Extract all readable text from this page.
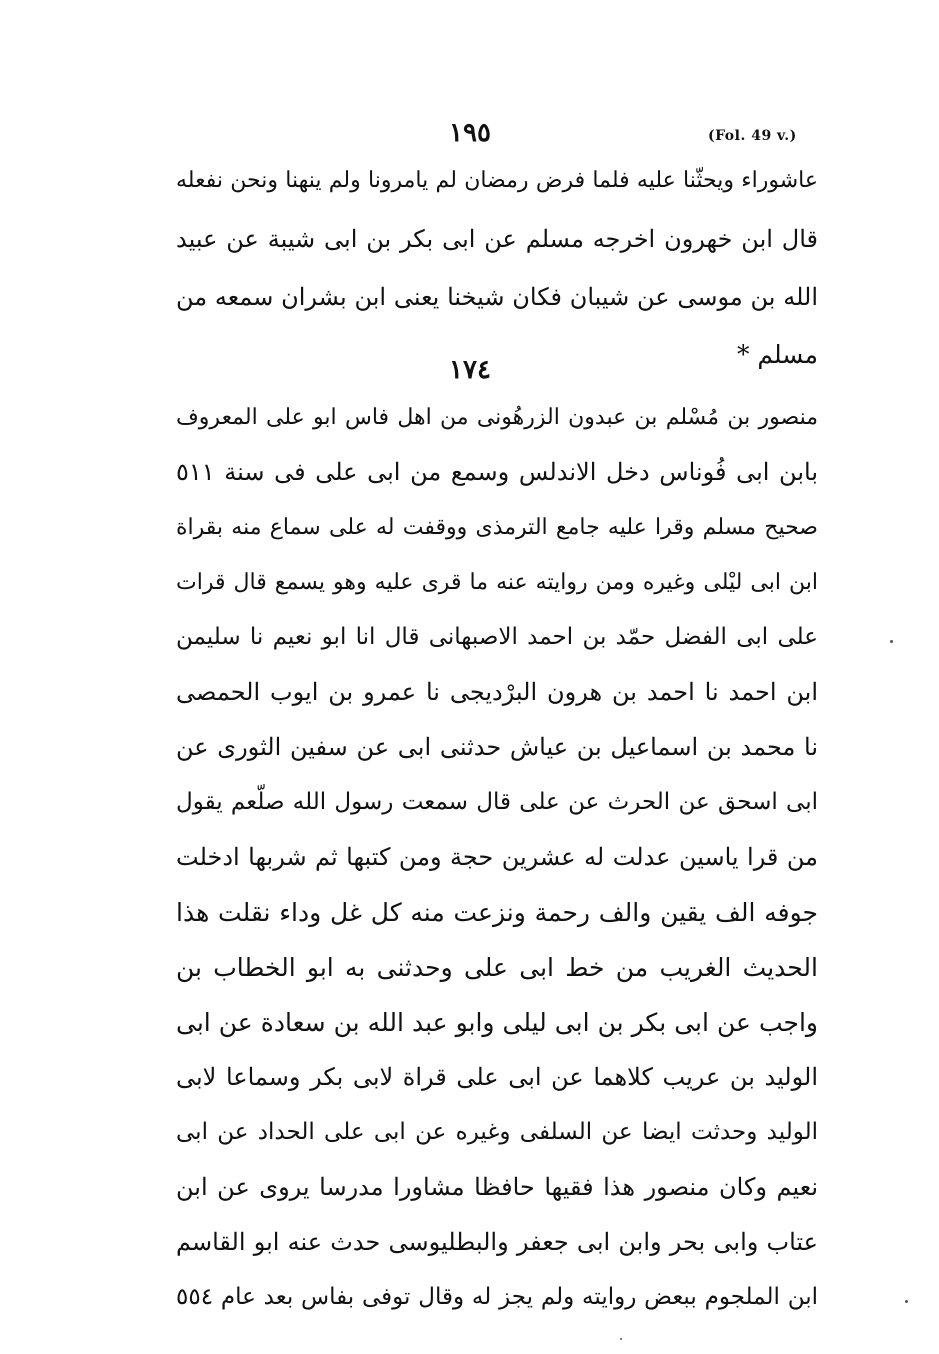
١٩٥	(Fol. 49 v.)
عاشوراء ويحثّنا عليه فلما فرض رمضان لم يامرونا ولم ينهنا ونحن نفعله
قال ابن خهرون اخرجه مسلم عن ابى بكر بن ابى شيبة عن عبيد
الله بن موسى عن شيبان فكان شيخنا يعنى ابن بشران سمعه من
مسلم *
١٧٤
منصور بن مُسْلم بن عبدون الزرهُونى من اهل فاس ابو على المعروف
بابن ابى فُوناس دخل الاندلس وسمع من ابى على فى سنة ٥١١
صحيح مسلم وقرا عليه جامع الترمذى ووقفت له على سماع منه بقراة
ابن ابى ليْلى وغيره ومن روايته عنه ما قرى عليه وهو يسمع قال قرات
على ابى الفضل حمّد بن احمد الاصبهانى قال انا ابو نعيم نا سليمن
ابن احمد نا احمد بن هرون البرْديجى نا عمرو بن ايوب الحمصى
نا محمد بن اسماعيل بن عياش حدثنى ابى عن سفين الثورى عن
ابى اسحق عن الحرث عن على قال سمعت رسول الله صلّعم يقول
من قرا ياسين عدلت له عشرين حجة ومن كتبها ثم شربها ادخلت
جوفه الف يقين والف رحمة ونزعت منه كل غل وداء نقلت هذا
الحديث الغريب من خط ابى على وحدثنى به ابو الخطاب بن
واجب عن ابى بكر بن ابى ليلى وابو عبد الله بن سعادة عن ابى
الوليد بن عريب كلاهما عن ابى على قراة لابى بكر وسماعا لابى
الوليد وحدثت ايضا عن السلفى وغيره عن ابى على الحداد عن ابى
نعيم وكان منصور هذا فقيها حافظا مشاورا مدرسا يروى عن ابن
عتاب وابى بحر وابن ابى جعفر والبطليوسى حدث عنه ابو القاسم
ابن الملجوم ببعض روايته ولم يجز له وقال توفى بفاس بعد عام ٥٥٤
